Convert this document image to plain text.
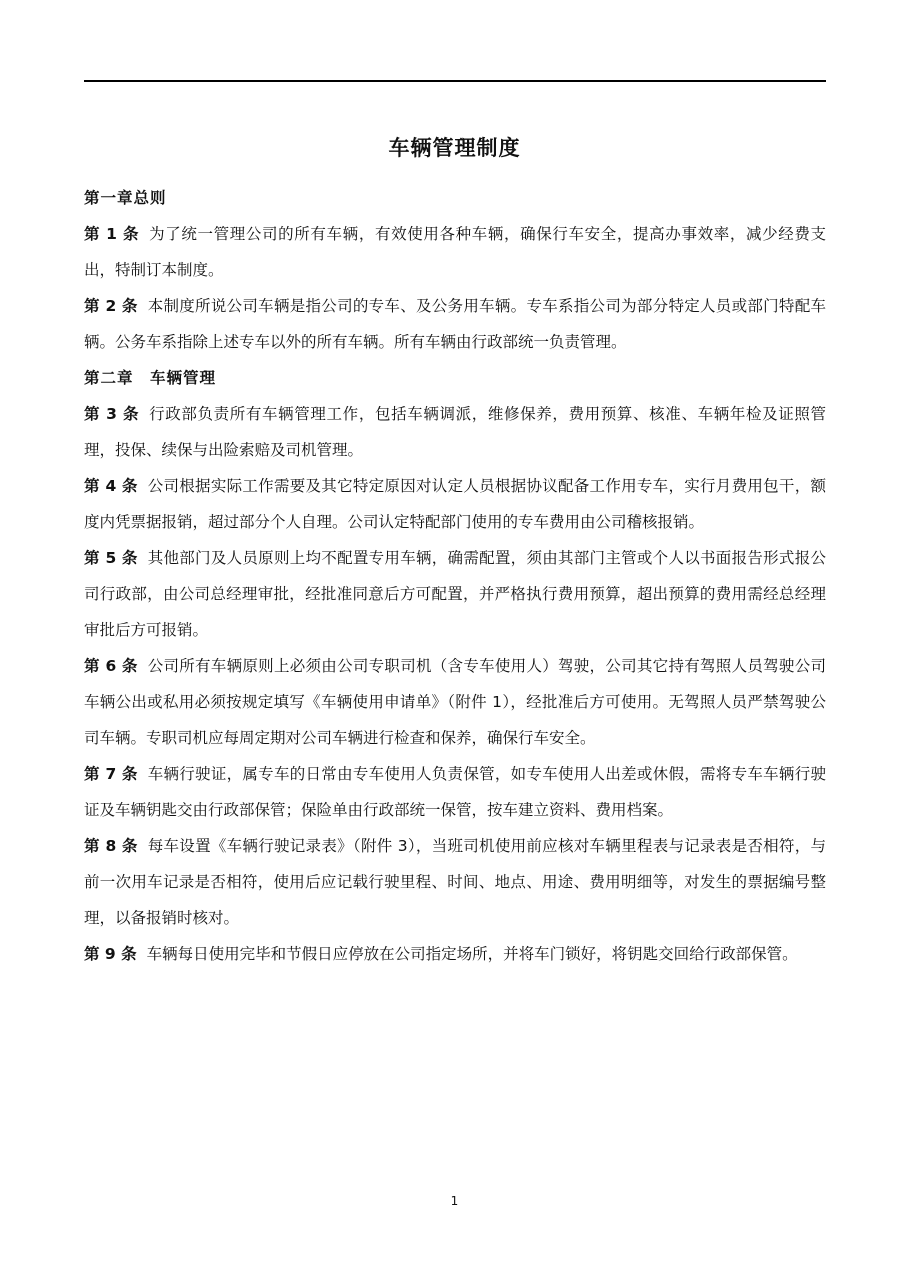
车辆管理制度
第一章总则
第 1 条 为了统一管理公司的所有车辆，有效使用各种车辆，确保行车安全，提高办事效率，减少经费支出，特制订本制度。
第 2 条 本制度所说公司车辆是指公司的专车、及公务用车辆。专车系指公司为部分特定人员或部门特配车辆。公务车系指除上述专车以外的所有车辆。所有车辆由行政部统一负责管理。
第二章　车辆管理
第 3 条 行政部负责所有车辆管理工作，包括车辆调派，维修保养，费用预算、核准、车辆年检及证照管理，投保、续保与出险索赔及司机管理。
第 4 条 公司根据实际工作需要及其它特定原因对认定人员根据协议配备工作用专车，实行月费用包干，额度内凭票据报销，超过部分个人自理。公司认定特配部门使用的专车费用由公司稽核报销。
第 5 条 其他部门及人员原则上均不配置专用车辆，确需配置，须由其部门主管或个人以书面报告形式报公司行政部，由公司总经理审批，经批准同意后方可配置，并严格执行费用预算，超出预算的费用需经总经理审批后方可报销。
第 6 条 公司所有车辆原则上必须由公司专职司机（含专车使用人）驾驶，公司其它持有驾照人员驾驶公司车辆公出或私用必须按规定填写《车辆使用申请单》（附件 1），经批准后方可使用。无驾照人员严禁驾驶公司车辆。专职司机应每周定期对公司车辆进行检查和保养，确保行车安全。
第 7 条 车辆行驶证，属专车的日常由专车使用人负责保管，如专车使用人出差或休假，需将专车车辆行驶证及车辆钥匙交由行政部保管；保险单由行政部统一保管，按车建立资料、费用档案。
第 8 条 每车设置《车辆行驶记录表》（附件 3），当班司机使用前应核对车辆里程表与记录表是否相符，与前一次用车记录是否相符，使用后应记载行驶里程、时间、地点、用途、费用明细等，对发生的票据编号整理，以备报销时核对。
第 9 条 车辆每日使用完毕和节假日应停放在公司指定场所，并将车门锁好，将钥匙交回给行政部保管。
1
